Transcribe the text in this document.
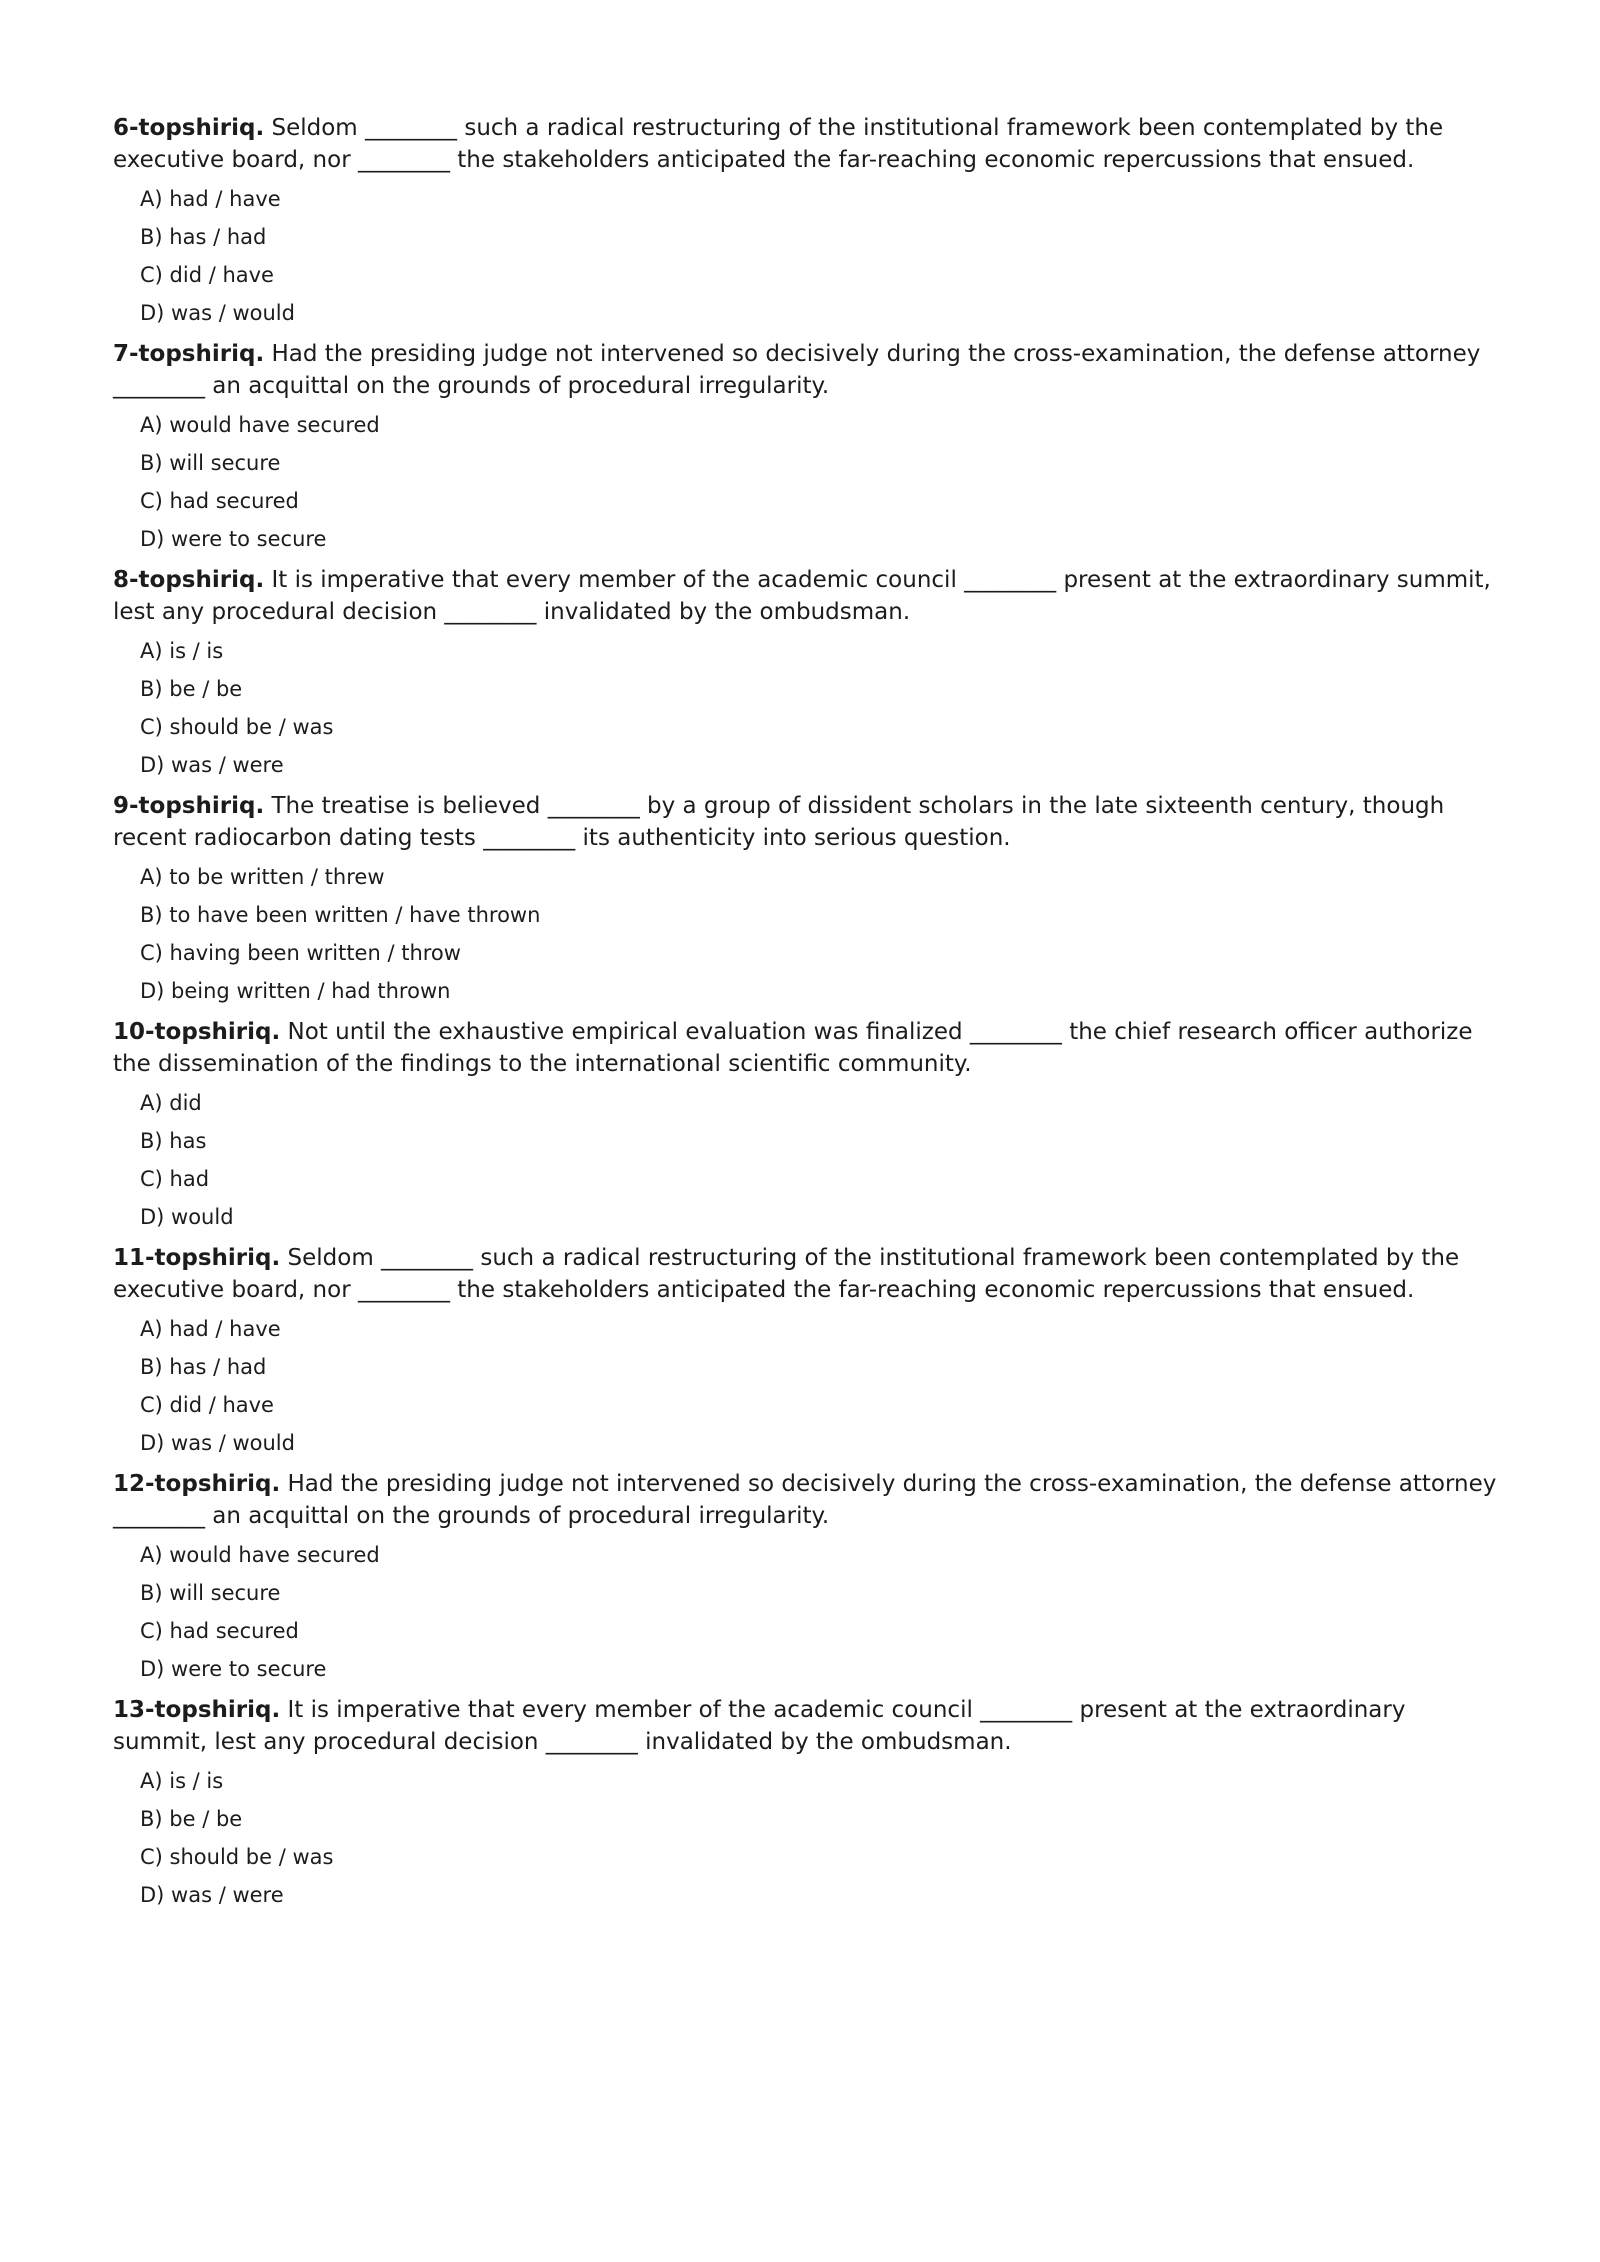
6-topshiriq. Seldom ________ such a radical restructuring of the institutional framework been contemplated by the executive board, nor ________ the stakeholders anticipated the far-reaching economic repercussions that ensued.

A) had / have
B) has / had
C) did / have
D) was / would

7-topshiriq. Had the presiding judge not intervened so decisively during the cross-examination, the defense attorney ________ an acquittal on the grounds of procedural irregularity.

A) would have secured
B) will secure
C) had secured
D) were to secure

8-topshiriq. It is imperative that every member of the academic council ________ present at the extraordinary summit, lest any procedural decision ________ invalidated by the ombudsman.

A) is / is
B) be / be
C) should be / was
D) was / were

9-topshiriq. The treatise is believed ________ by a group of dissident scholars in the late sixteenth century, though recent radiocarbon dating tests ________ its authenticity into serious question.

A) to be written / threw
B) to have been written / have thrown
C) having been written / throw
D) being written / had thrown

10-topshiriq. Not until the exhaustive empirical evaluation was finalized ________ the chief research officer authorize the dissemination of the findings to the international scientific community.

A) did
B) has
C) had
D) would

11-topshiriq. Seldom ________ such a radical restructuring of the institutional framework been contemplated by the executive board, nor ________ the stakeholders anticipated the far-reaching economic repercussions that ensued.

A) had / have
B) has / had
C) did / have
D) was / would

12-topshiriq. Had the presiding judge not intervened so decisively during the cross-examination, the defense attorney ________ an acquittal on the grounds of procedural irregularity.

A) would have secured
B) will secure
C) had secured
D) were to secure

13-topshiriq. It is imperative that every member of the academic council ________ present at the extraordinary summit, lest any procedural decision ________ invalidated by the ombudsman.

A) is / is
B) be / be
C) should be / was
D) was / were
